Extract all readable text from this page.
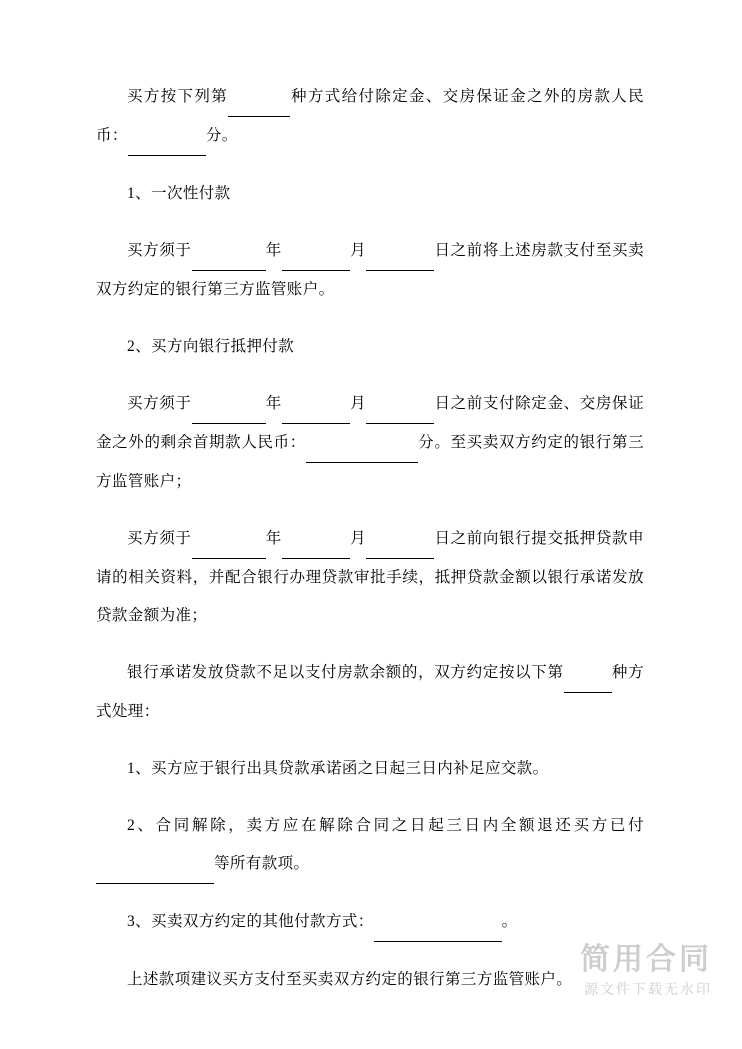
买方按下列第	种方式给付除定金、交房保证金之外的房款人民币：	分。

1、一次性付款

买方须于	年	月	日之前将上述房款支付至买卖双方约定的银行第三方监管账户。

2、买方向银行抵押付款

买方须于	年	月	日之前支付除定金、交房保证金之外的剩余首期款人民币：	分。至买卖双方约定的银行第三方监管账户；

买方须于	年	月	日之前向银行提交抵押贷款申请的相关资料，并配合银行办理贷款审批手续，抵押贷款金额以银行承诺发放贷款金额为准；

银行承诺发放贷款不足以支付房款余额的，双方约定按以下第	种方式处理：

1、买方应于银行出具贷款承诺函之日起三日内补足应交款。

2、合同解除，卖方应在解除合同之日起三日内全额退还买方已付 等所有款项。

3、买卖双方约定的其他付款方式：	。

上述款项建议买方支付至买卖双方约定的银行第三方监管账户。

简用合同
源文件下载无水印
